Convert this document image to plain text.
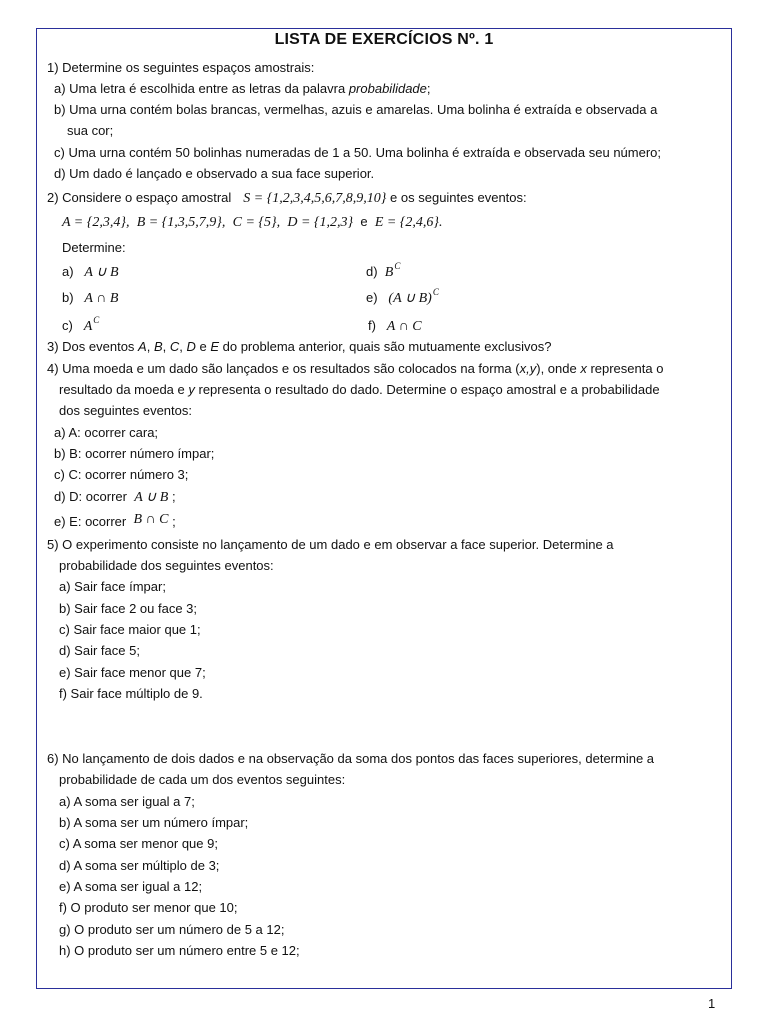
LISTA DE EXERCÍCIOS Nº. 1
1) Determine os seguintes espaços amostrais:
a) Uma letra é escolhida entre as letras da palavra probabilidade;
b) Uma urna contém bolas brancas, vermelhas, azuis e amarelas. Uma bolinha é extraída e observada a
sua cor;
c) Uma urna contém 50 bolinhas numeradas de 1 a 50. Uma bolinha é extraída e observada seu número;
d) Um dado é lançado e observado a sua face superior.
2) Considere o espaço amostral S = {1,2,3,4,5,6,7,8,9,10} e os seguintes eventos:
A = {2,3,4}, B = {1,3,5,7,9}, C = {5}, D = {1,2,3} e E = {2,4,6}.
Determine:
a) A ∪ B	d) $B^C$
b) A ∩ B	e) (A ∪ B)$^C$
c) $A^C$	f) A ∩ C
3) Dos eventos A, B, C, D e E do problema anterior, quais são mutuamente exclusivos?
4) Uma moeda e um dado são lançados e os resultados são colocados na forma (x,y), onde x representa o
resultado da moeda e y representa o resultado do dado. Determine o espaço amostral e a probabilidade
dos seguintes eventos:
a) A: ocorrer cara;
b) B: ocorrer número ímpar;
c) C: ocorrer número 3;
d) D: ocorrer A ∪ B ;
e) E: ocorrer B ∩ C ;
5) O experimento consiste no lançamento de um dado e em observar a face superior. Determine a
probabilidade dos seguintes eventos:
a) Sair face ímpar;
b) Sair face 2 ou face 3;
c) Sair face maior que 1;
d) Sair face 5;
e) Sair face menor que 7;
f) Sair face múltiplo de 9.
6) No lançamento de dois dados e na observação da soma dos pontos das faces superiores, determine a
probabilidade de cada um dos eventos seguintes:
a) A soma ser igual a 7;
b) A soma ser um número ímpar;
c) A soma ser menor que 9;
d) A soma ser múltiplo de 3;
e) A soma ser igual a 12;
f) O produto ser menor que 10;
g) O produto ser um número de 5 a 12;
h) O produto ser um número entre 5 e 12;
1
